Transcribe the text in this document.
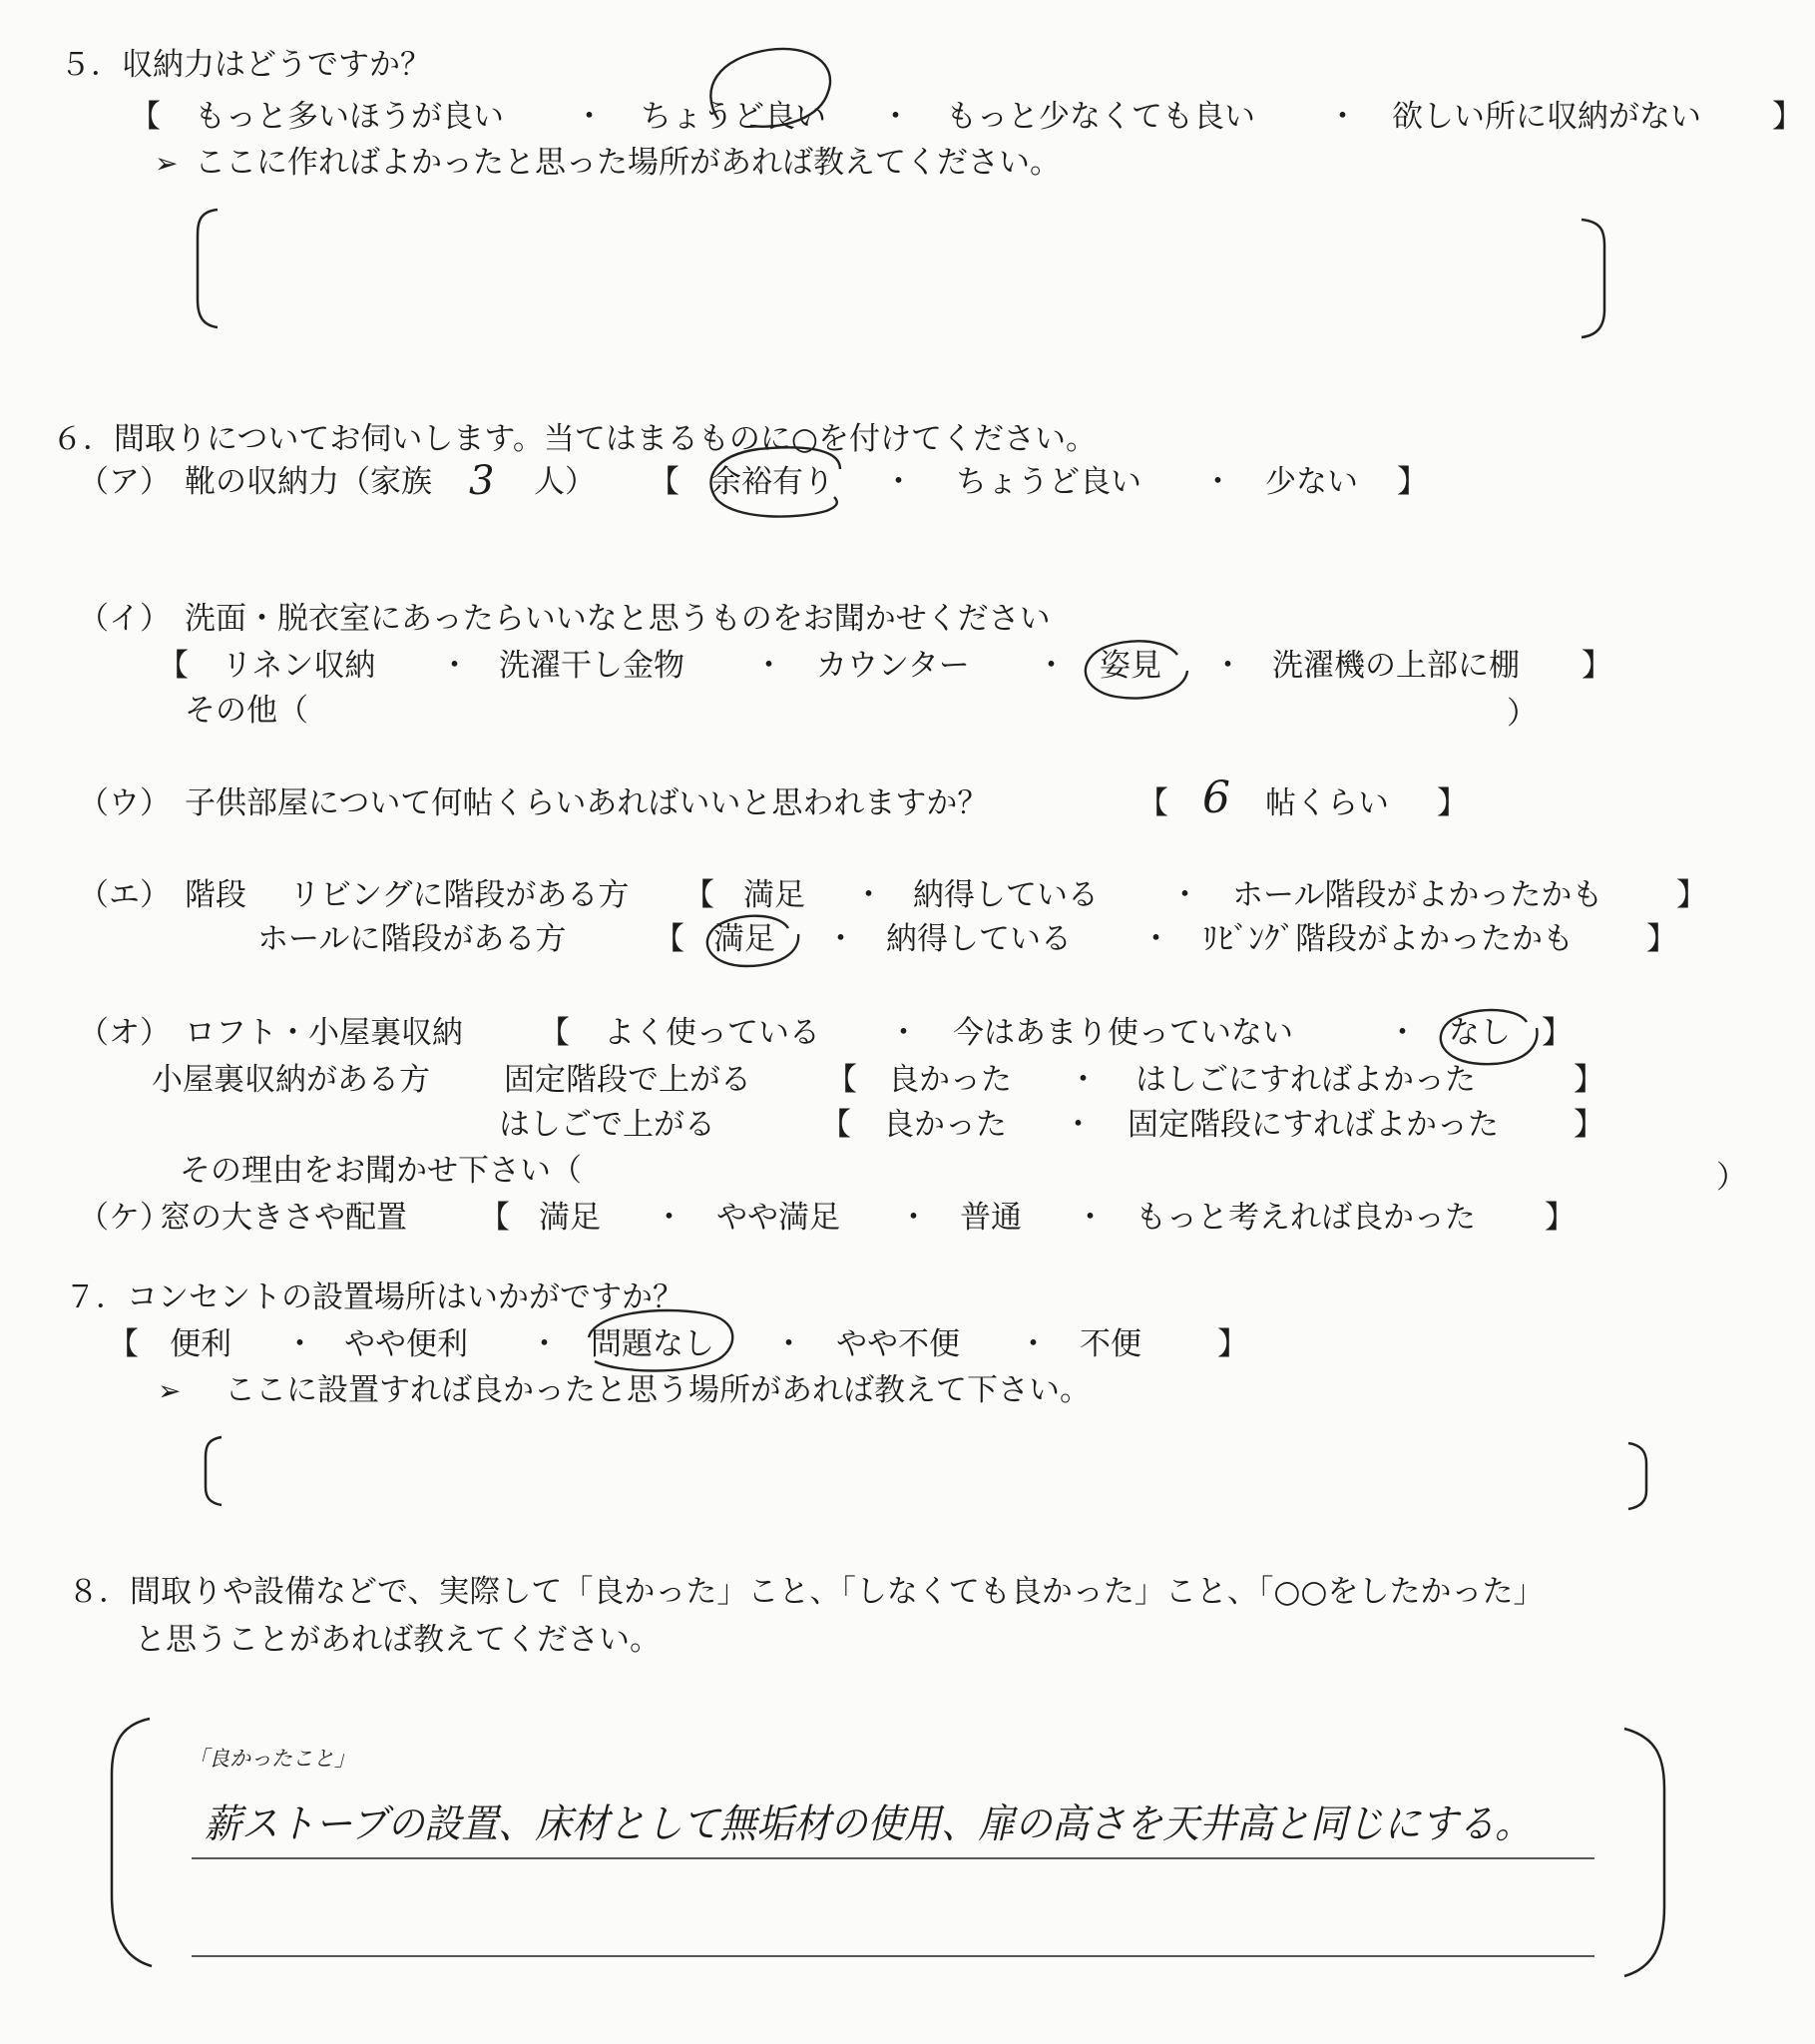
５．収納力はどうですか？
【 もっと多いほうが良い ・ ちょうど良い ・ もっと少なくても良い ・ 欲しい所に収納がない 】
➢ ここに作ればよかったと思った場所があれば教えてください。
６．間取りについてお伺いします。当てはまるものに○を付けてください。
（ア） 靴の収納力（家族 3 人） 【 余裕有り ・ ちょうど良い ・ 少ない 】
（イ） 洗面・脱衣室にあったらいいなと思うものをお聞かせください
【 リネン収納 ・ 洗濯干し金物 ・ カウンター ・ 姿見 ・ 洗濯機の上部に棚 】
その他（	）
（ウ） 子供部屋について何帖くらいあればいいと思われますか？	【 6 帖くらい 】
（エ） 階段 リビングに階段がある方 【 満足 ・ 納得している ・ ホール階段がよかったかも 】
ホールに階段がある方	【 満足 ・ 納得している ・ ﾘﾋﾞﾝｸﾞ階段がよかったかも 】
（オ） ロフト・小屋裏収納 【 よく使っている ・ 今はあまり使っていない	・ なし 】
小屋裏収納がある方 固定階段で上がる 【 良かった ・ はしごにすればよかった	】
はしごで上がる	【 良かった ・ 固定階段にすればよかった 】
その理由をお聞かせ下さい（	）
（ケ）
窓の大きさや配置 【 満足 ・ やや満足 ・ 普通 ・ もっと考えれば良かった 】
７．コンセントの設置場所はいかがですか？
【 便利 ・ やや便利 ・ 問題なし ・ やや不便 ・ 不便 】
➢ ここに設置すれば良かったと思う場所があれば教えて下さい。
８．間取りや設備などで、実際して「良かった」こと、「しなくても良かった」こと、「○○をしたかった」
と思うことがあれば教えてください。
「良かったこと」
薪ストーブの設置、床材として無垢材の使用、扉の高さを天井高と同じにする。
